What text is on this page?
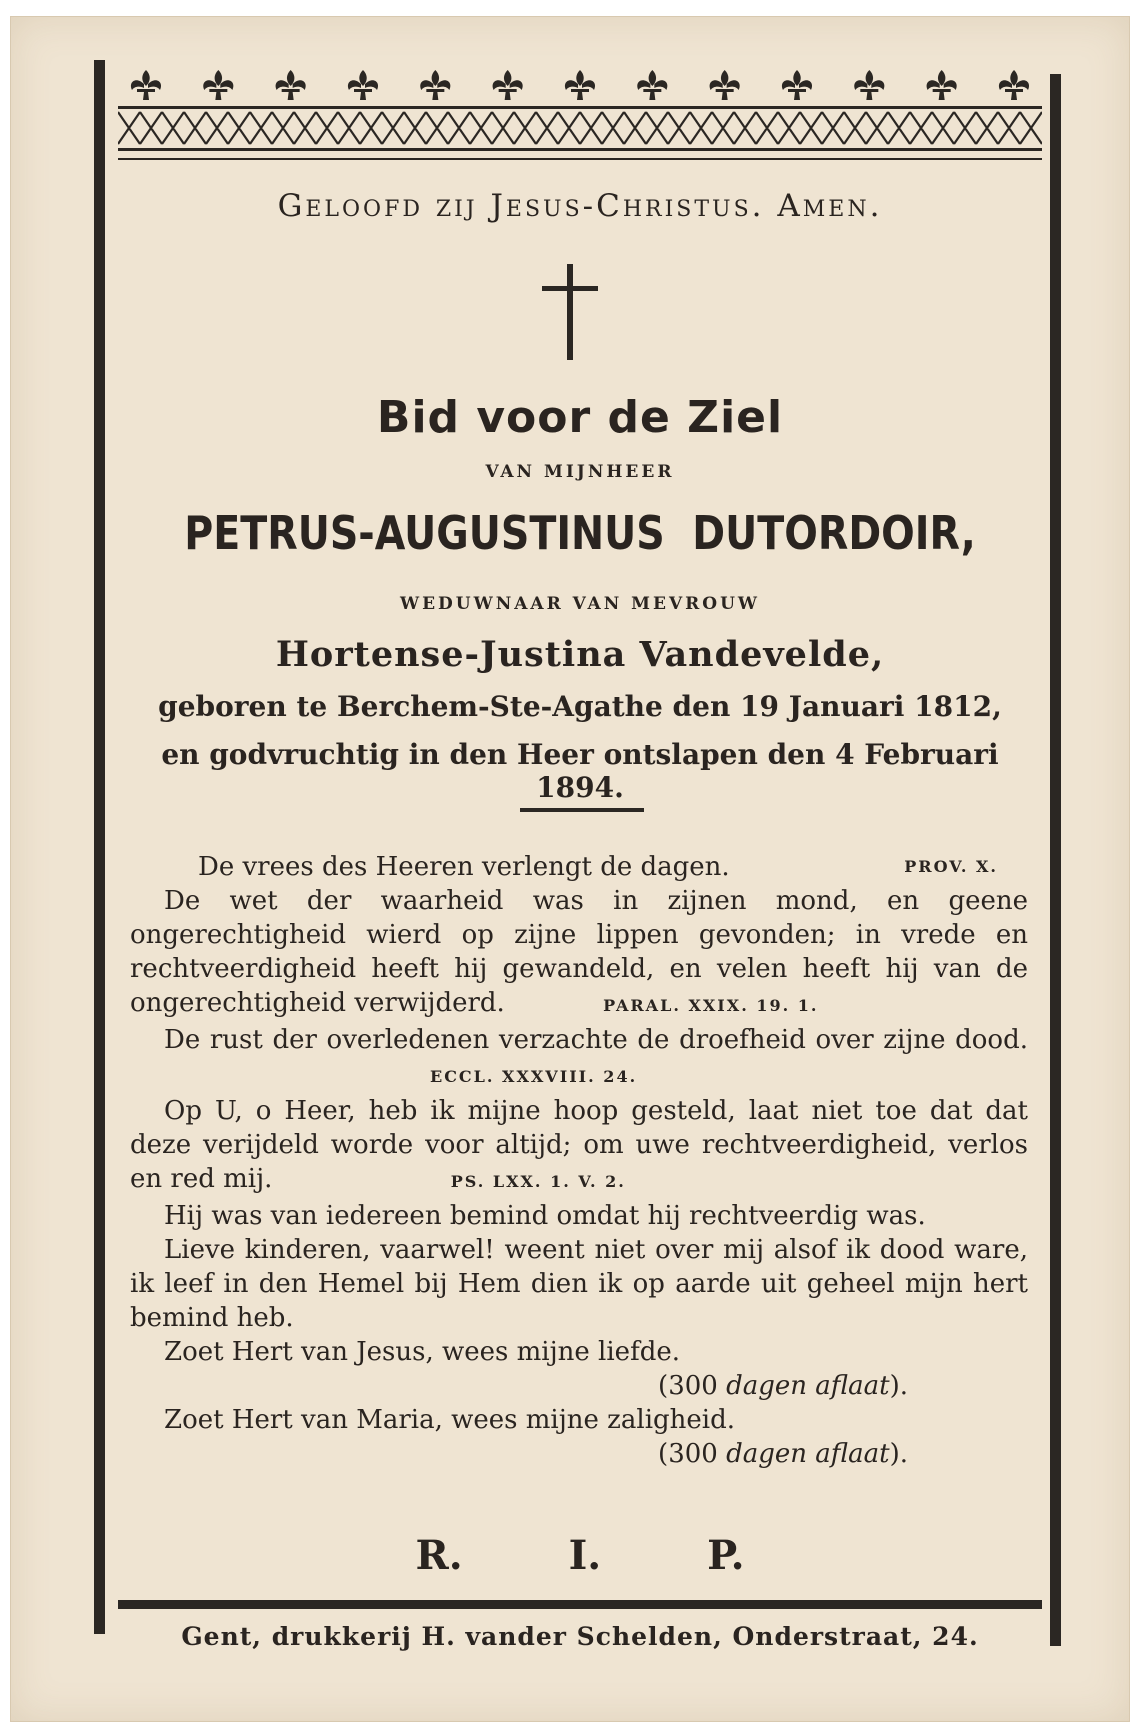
Geloofd zij Jesus-Christus. Amen.
Bid voor de Ziel
VAN MIJNHEER
PETRUS-AUGUSTINUS  DUTORDOIR,
WEDUWNAAR VAN MEVROUW
Hortense-Justina Vandevelde,
geboren te Berchem-Ste-Agathe den 19 Januari 1812,
en godvruchtig in den Heer ontslapen den 4 Februari 1894.

De vrees des Heeren verlengt de dagen.	PROV. X.

De wet der waarheid was in zijnen mond, en geene ongerechtigheid wierd op zijne lippen gevonden; in vrede en rechtveerdigheid heeft hij gewandeld, en velen heeft hij van de ongerechtigheid verwijderd.	PARAL. XXIX. 19. 1.

De rust der overledenen verzachte de droefheid over zijne dood. ECCL. XXXVIII. 24.

Op U, o Heer, heb ik mijne hoop gesteld, laat niet toe dat dat deze verijdeld worde voor altijd; om uwe rechtveerdigheid, verlos en red mij.	PS. LXX. 1. V. 2.

Hij was van iedereen bemind omdat hij rechtveerdig was.

Lieve kinderen, vaarwel! weent niet over mij alsof ik dood ware, ik leef in den Hemel bij Hem dien ik op aarde uit geheel mijn hert bemind heb.

Zoet Hert van Jesus, wees mijne liefde.

(300 dagen aflaat).

Zoet Hert van Maria, wees mijne zaligheid.

(300 dagen aflaat).

R.	I.	P.
Gent, drukkerij H. vander Schelden, Onderstraat, 24.
